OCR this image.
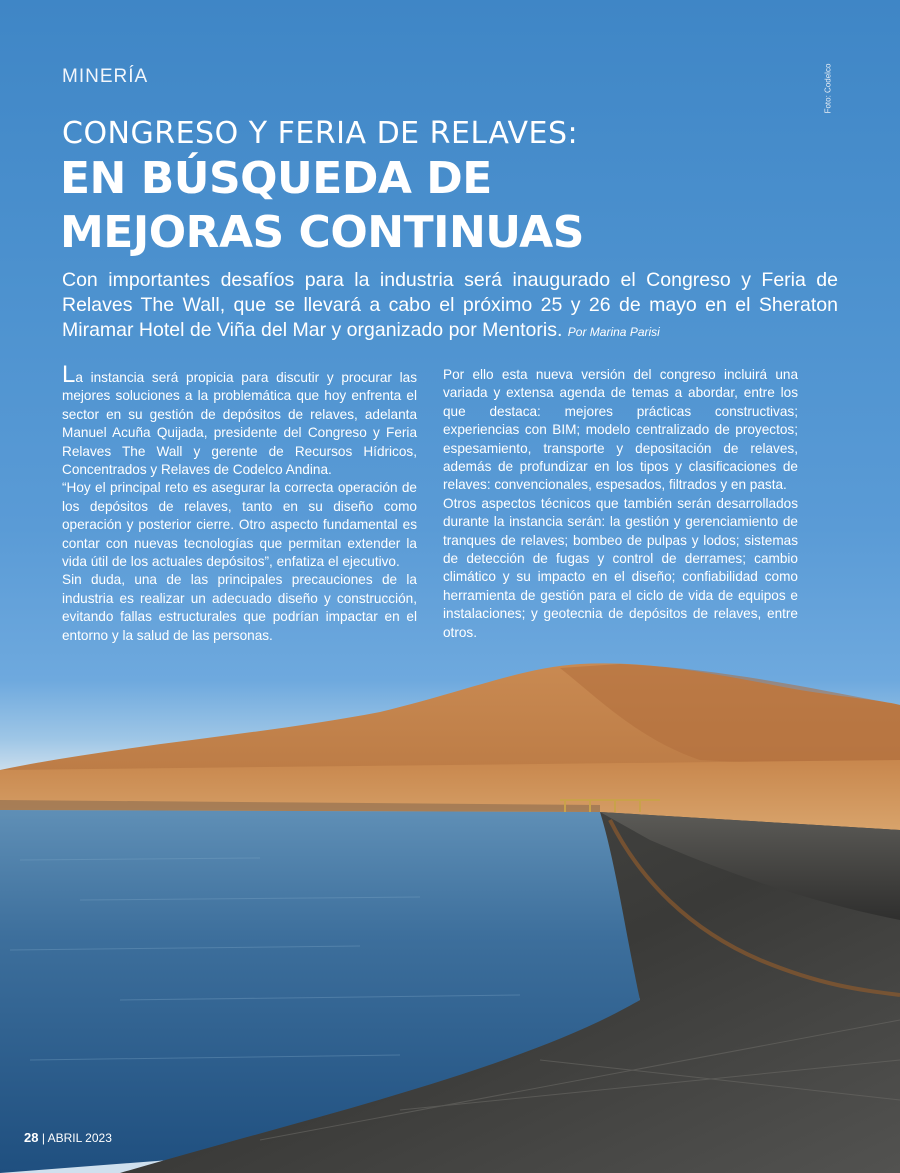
MINERÍA	Foto: Codelco
CONGRESO Y FERIA DE RELAVES:
EN BÚSQUEDA DE
MEJORAS CONTINUAS
Con importantes desafíos para la industria será inaugurado el Congreso y Feria de Relaves The Wall, que se llevará a cabo el próximo 25 y 26 de mayo en el Sheraton Miramar Hotel de Viña del Mar y organizado por Mentoris. Por Marina Parisi

La instancia será propicia para discutir y procurar las mejores soluciones a la problemática que hoy enfrenta el sector en su gestión de depósitos de relaves, adelanta Manuel Acuña Quijada, presidente del Congreso y Feria Relaves The Wall y gerente de Recursos Hídricos, Concentrados y Relaves de Codelco Andina.

“Hoy el principal reto es asegurar la correcta operación de los depósitos de relaves, tanto en su diseño como operación y posterior cierre. Otro aspecto fundamental es contar con nuevas tecnologías que permitan extender la vida útil de los actuales depósitos”, enfatiza el ejecutivo.

Sin duda, una de las principales precauciones de la industria es realizar un adecuado diseño y construcción, evitando fallas estructurales que podrían impactar en el entorno y la salud de las personas.

Por ello esta nueva versión del congreso incluirá una variada y extensa agenda de temas a abordar, entre los que destaca: mejores prácticas constructivas; experiencias con BIM; modelo centralizado de proyectos; espesamiento, transporte y depositación de relaves, además de profundizar en los tipos y clasificaciones de relaves: convencionales, espesados, filtrados y en pasta.

Otros aspectos técnicos que también serán desarrollados durante la instancia serán: la gestión y gerenciamiento de tranques de relaves; bombeo de pulpas y lodos; sistemas de detección de fugas y control de derrames; cambio climático y su impacto en el diseño; confiabilidad como herramienta de gestión para el ciclo de vida de equipos e instalaciones; y geotecnia de depósitos de relaves, entre otros.

28 | ABRIL 2023
